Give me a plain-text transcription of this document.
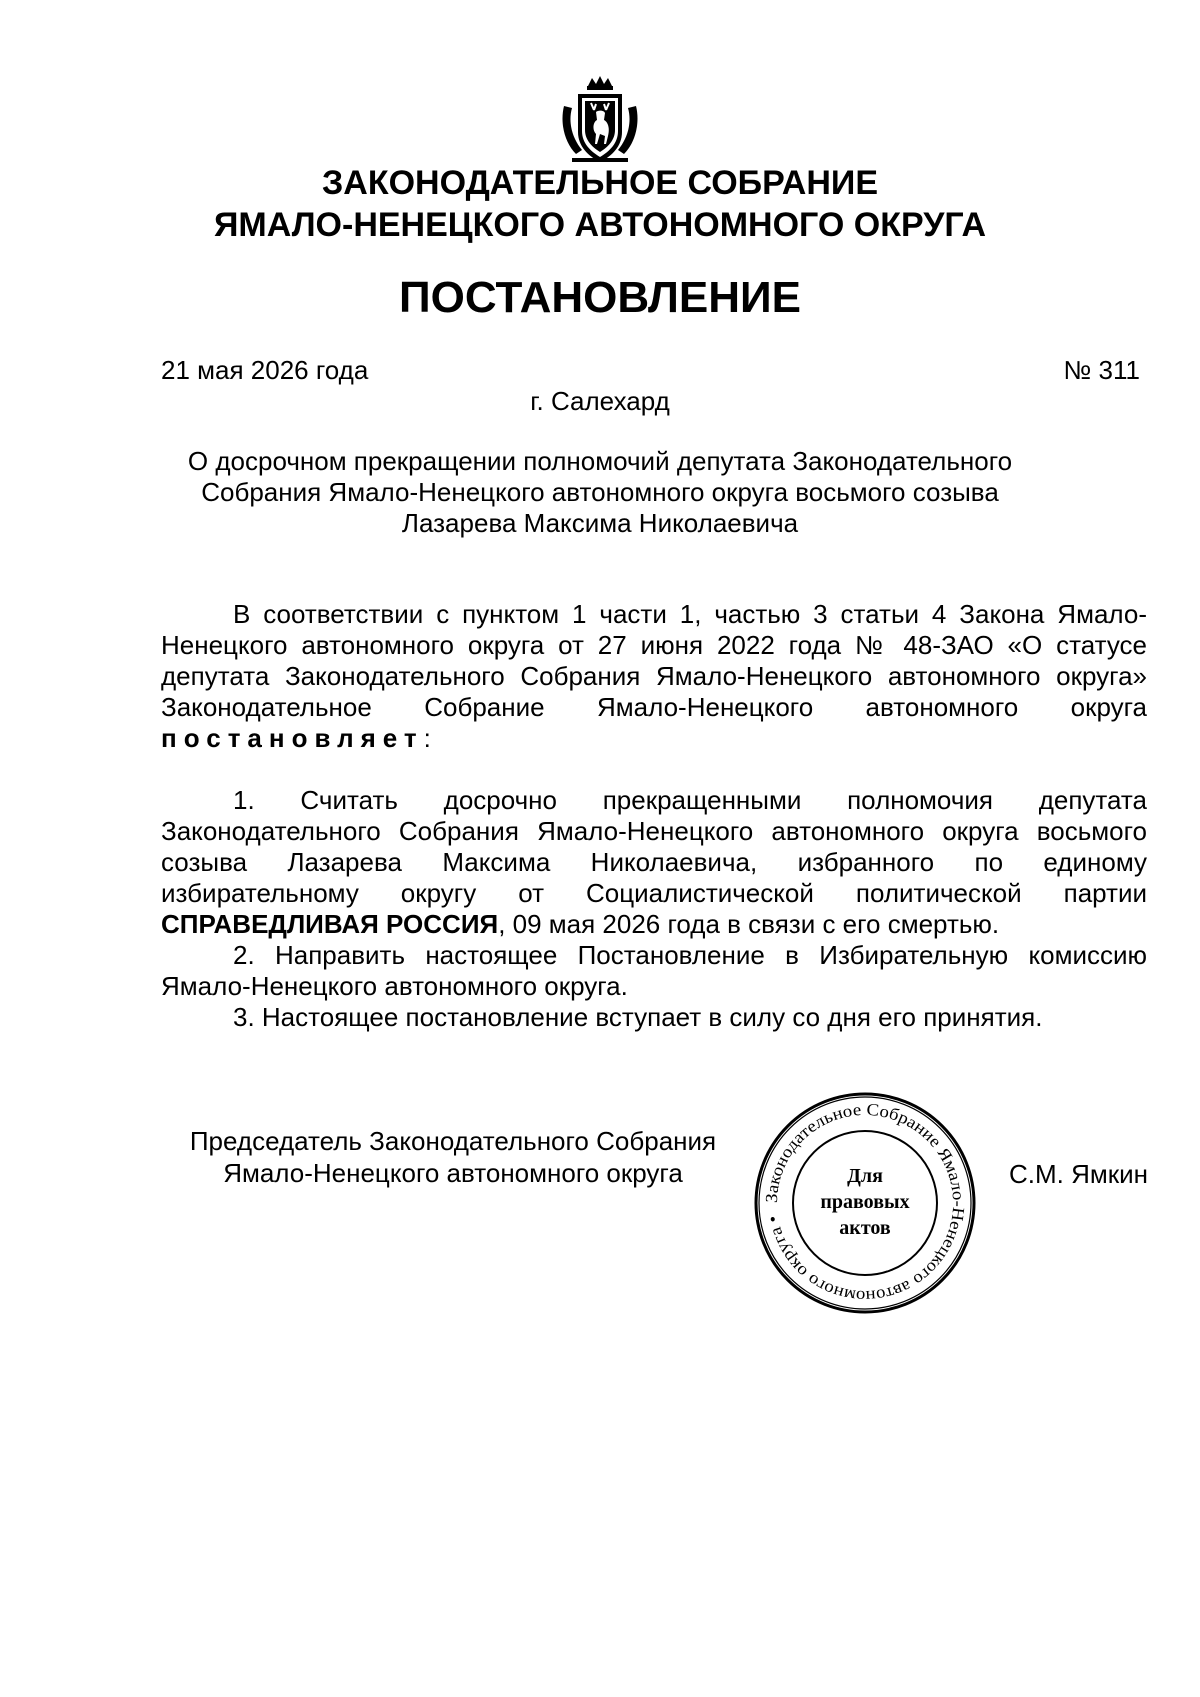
ЗАКОНОДАТЕЛЬНОЕ СОБРАНИЕ
ЯМАЛО-НЕНЕЦКОГО АВТОНОМНОГО ОКРУГА
ПОСТАНОВЛЕНИЕ
21 мая 2026 года	№ 311
г. Салехард
О досрочном прекращении полномочий депутата Законодательного
Собрания Ямало-Ненецкого автономного округа восьмого созыва
Лазарева Максима Николаевича

В соответствии с пунктом 1 части 1, частью 3 статьи 4 Закона Ямало-Ненецкого автономного округа от 27 июня 2022 года № 48-ЗАО «О статусе депутата Законодательного Собрания Ямало-Ненецкого автономного округа» Законодательное Собрание Ямало-Ненецкого автономного округа постановляет:

1. Считать досрочно прекращенными полномочия депутата Законодательного Собрания Ямало-Ненецкого автономного округа восьмого созыва Лазарева Максима Николаевича, избранного по единому избирательному округу от Социалистической политической партии СПРАВЕДЛИВАЯ РОССИЯ, 09 мая 2026 года в связи с его смертью.

2. Направить настоящее Постановление в Избирательную комиссию Ямало-Ненецкого автономного округа.

3. Настоящее постановление вступает в силу со дня его принятия.

Председатель Законодательного Собрания
Ямало-Ненецкого автономного округа	С.М. Ямкин
Законодательное Собрание Ямало-Ненецкого автономного округа •
Для
правовых
актов
